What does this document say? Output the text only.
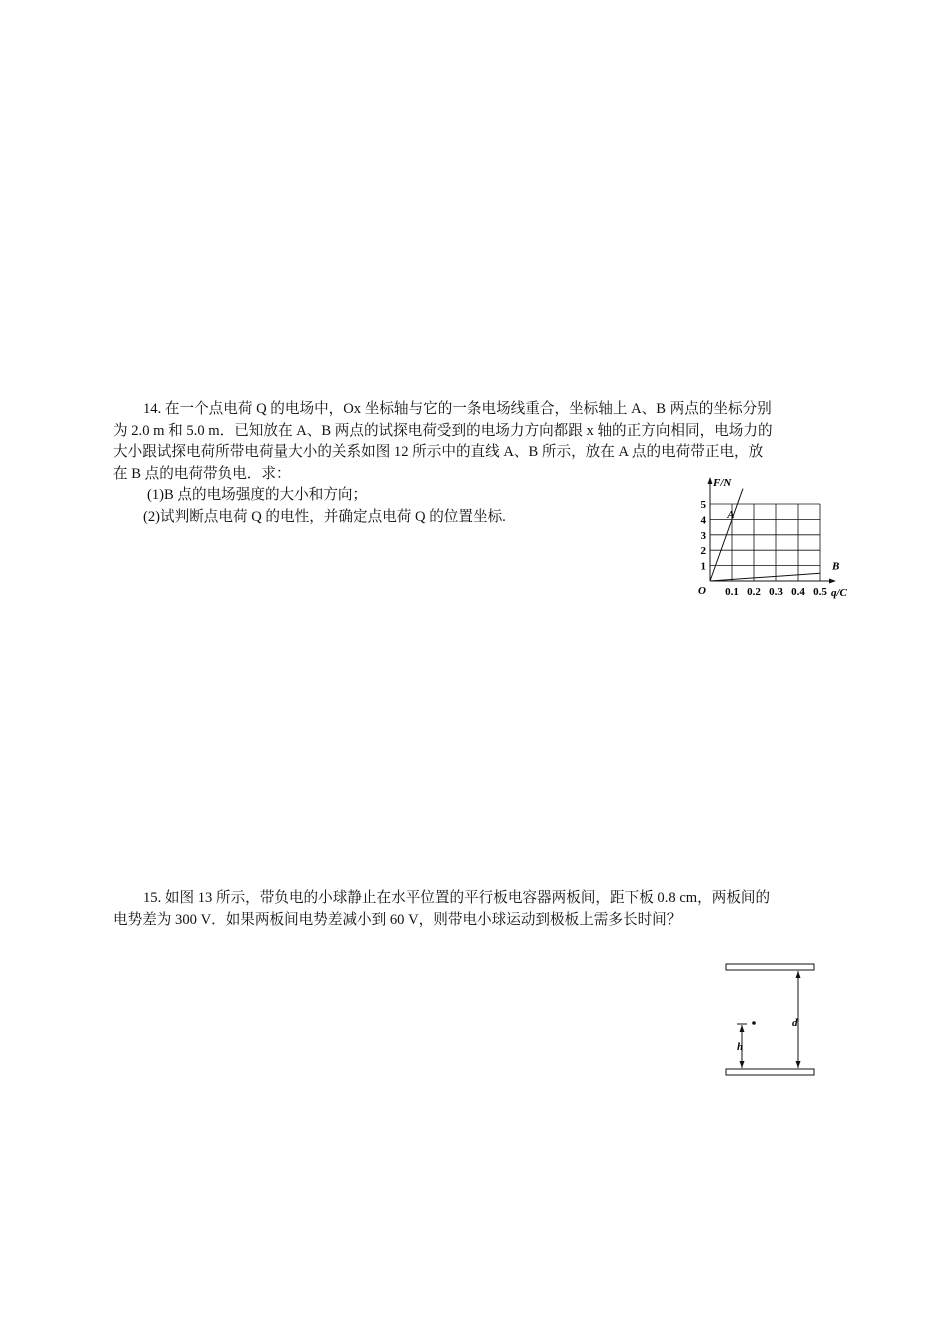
14. 在一个点电荷 Q 的电场中，Ox 坐标轴与它的一条电场线重合，坐标轴上 A、B 两点的坐标分别
为 2.0 m 和 5.0 m．已知放在 A、B 两点的试探电荷受到的电场力方向都跟 x 轴的正方向相同，电场力的
大小跟试探电荷所带电荷量大小的关系如图 12 所示中的直线 A、B 所示，放在 A 点的电荷带正电，放
在 B 点的电荷带负电．求：
(1)B 点的电场强度的大小和方向；
(2)试判断点电荷 Q 的电性，并确定点电荷 Q 的位置坐标.	A
B
F/N
q/C
O
1
2
3
4
5
0.1 0.2 0.3 0.4 0.5
15. 如图 13 所示，带负电的小球静止在水平位置的平行板电容器两板间，距下板 0.8 cm，两板间的
电势差为 300 V．如果两板间电势差减小到 60 V，则带电小球运动到极板上需多长时间？
d
h
